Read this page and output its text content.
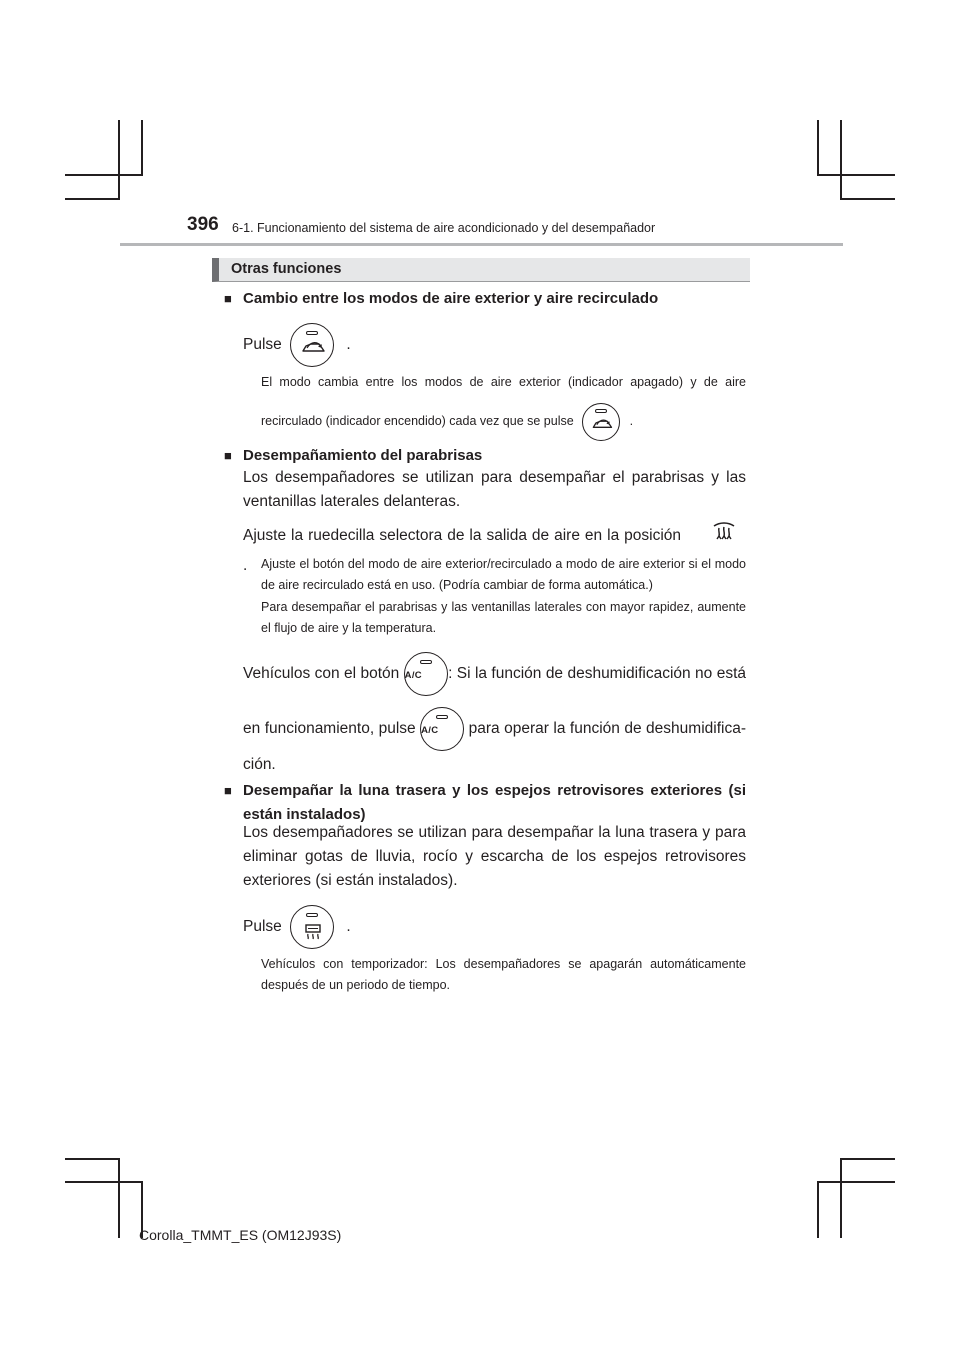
396 6-1. Funcionamiento del sistema de aire acondicionado y del desempañador
Otras funciones
■ Cambio entre los modos de aire exterior y aire recirculado
Pulse	.
El modo cambia entre los modos de aire exterior (indicador apagado) y de aire
recirculado (indicador encendido) cada vez que se pulse	.
■ Desempañamiento del parabrisas
Los desempañadores se utilizan para desempañar el parabrisas y las ventanillas laterales delanteras.
Ajuste la ruedecilla selectora de la salida de aire en la posición  .	Ajuste el botón del modo de aire exterior/recirculado a modo de aire exterior si el modo de aire recirculado está en uso. (Podría cambiar de forma automática.)
Para desempañar el parabrisas y las ventanillas laterales con mayor rapidez, aumente el flujo de aire y la temperatura.
Vehículos con el botón A/C	: Si la función de deshumidificación no está
en funcionamiento, pulse A/C	para operar la función de deshumidifica-
ción.
■ Desempañar la luna trasera y los espejos retrovisores exteriores (si están instalados)
Los desempañadores se utilizan para desempañar la luna trasera y para eliminar gotas de lluvia, rocío y escarcha de los espejos retrovisores exteriores (si están instalados).
Pulse	.
Vehículos con temporizador: Los desempañadores se apagarán automáticamente después de un periodo de tiempo.
Corolla_TMMT_ES (OM12J93S)
